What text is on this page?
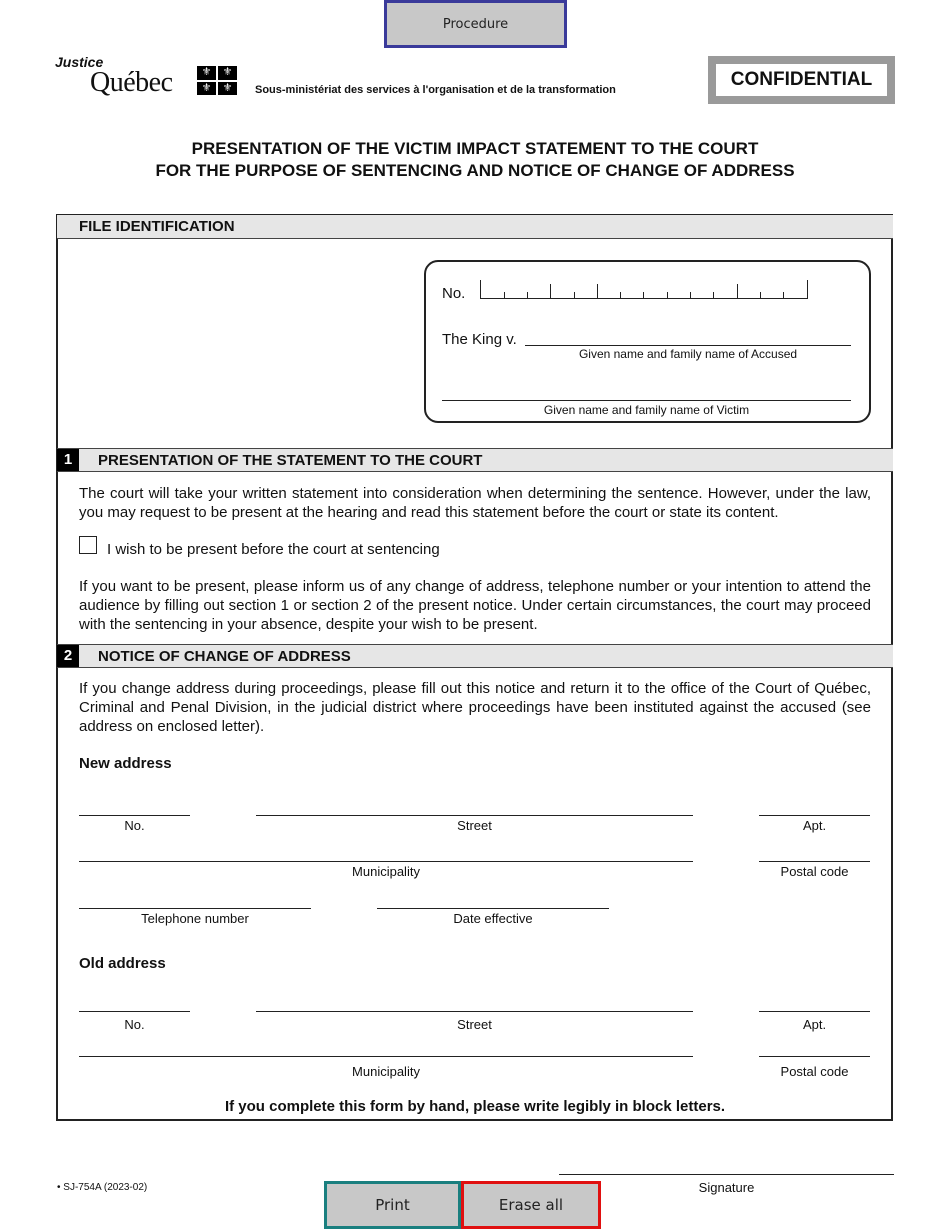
Procedure
Justice
Québec	⚜	⚜
⚜	⚜	Sous-ministériat des services à l'organisation et de la transformation	CONFIDENTIAL
PRESENTATION OF THE VICTIM IMPACT STATEMENT TO THE COURT
FOR THE PURPOSE OF SENTENCING AND NOTICE OF CHANGE OF ADDRESS
FILE IDENTIFICATION
No.
The King v.
Given name and family name of Accused
Given name and family name of Victim
1	PRESENTATION OF THE STATEMENT TO THE COURT
The court will take your written statement into consideration when determining the sentence. However, under the law, you may request to be present at the hearing and read this statement before the court or state its content.
I wish to be present before the court at sentencing
If you want to be present, please inform us of any change of address, telephone number or your intention to attend the audience by filling out section 1 or section 2 of the present notice. Under certain circumstances, the court may proceed with the sentencing in your absence, despite your wish to be present.
2	NOTICE OF CHANGE OF ADDRESS
If you change address during proceedings, please fill out this notice and return it to the office of the Court of Québec, Criminal and Penal Division, in the judicial district where proceedings have been instituted against the accused (see address on enclosed letter).
New address
No.	Street	Apt.
Municipality	Postal code
Telephone number	Date effective
Old address
No.	Street	Apt.
Municipality	Postal code
If you complete this form by hand, please write legibly in block letters.
• SJ-754A (2023-02)	Signature
Print	Erase all
